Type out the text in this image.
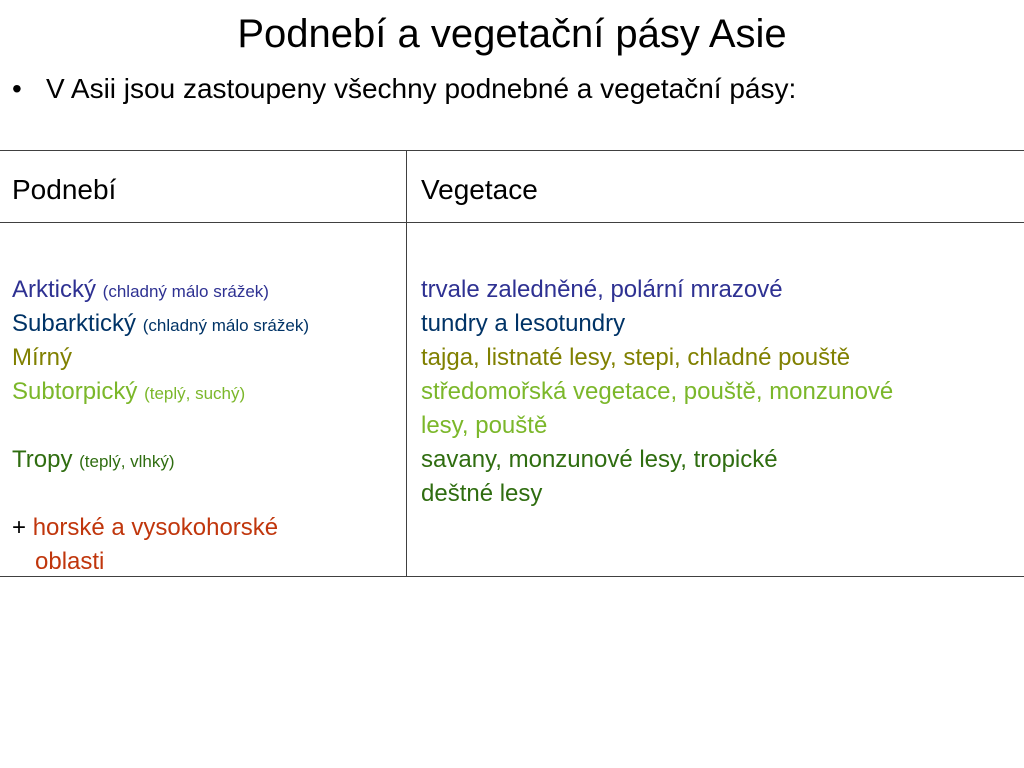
Podnebí a vegetační pásy Asie
• V Asii jsou zastoupeny všechny podnebné a vegetační pásy:
Podnebí	Vegetace
Arktický (chladný málo srážek)
Subarktický (chladný málo srážek)
Mírný
Subtorpický (teplý, suchý)
Tropy (teplý, vlhký)
+ horské a vysokohorské
oblasti
trvale zaledněné, polární mrazové
tundry a lesotundry
tajga, listnaté lesy, stepi, chladné pouště
středomořská vegetace, pouště, monzunové
lesy, pouště
savany, monzunové lesy, tropické
deštné lesy
